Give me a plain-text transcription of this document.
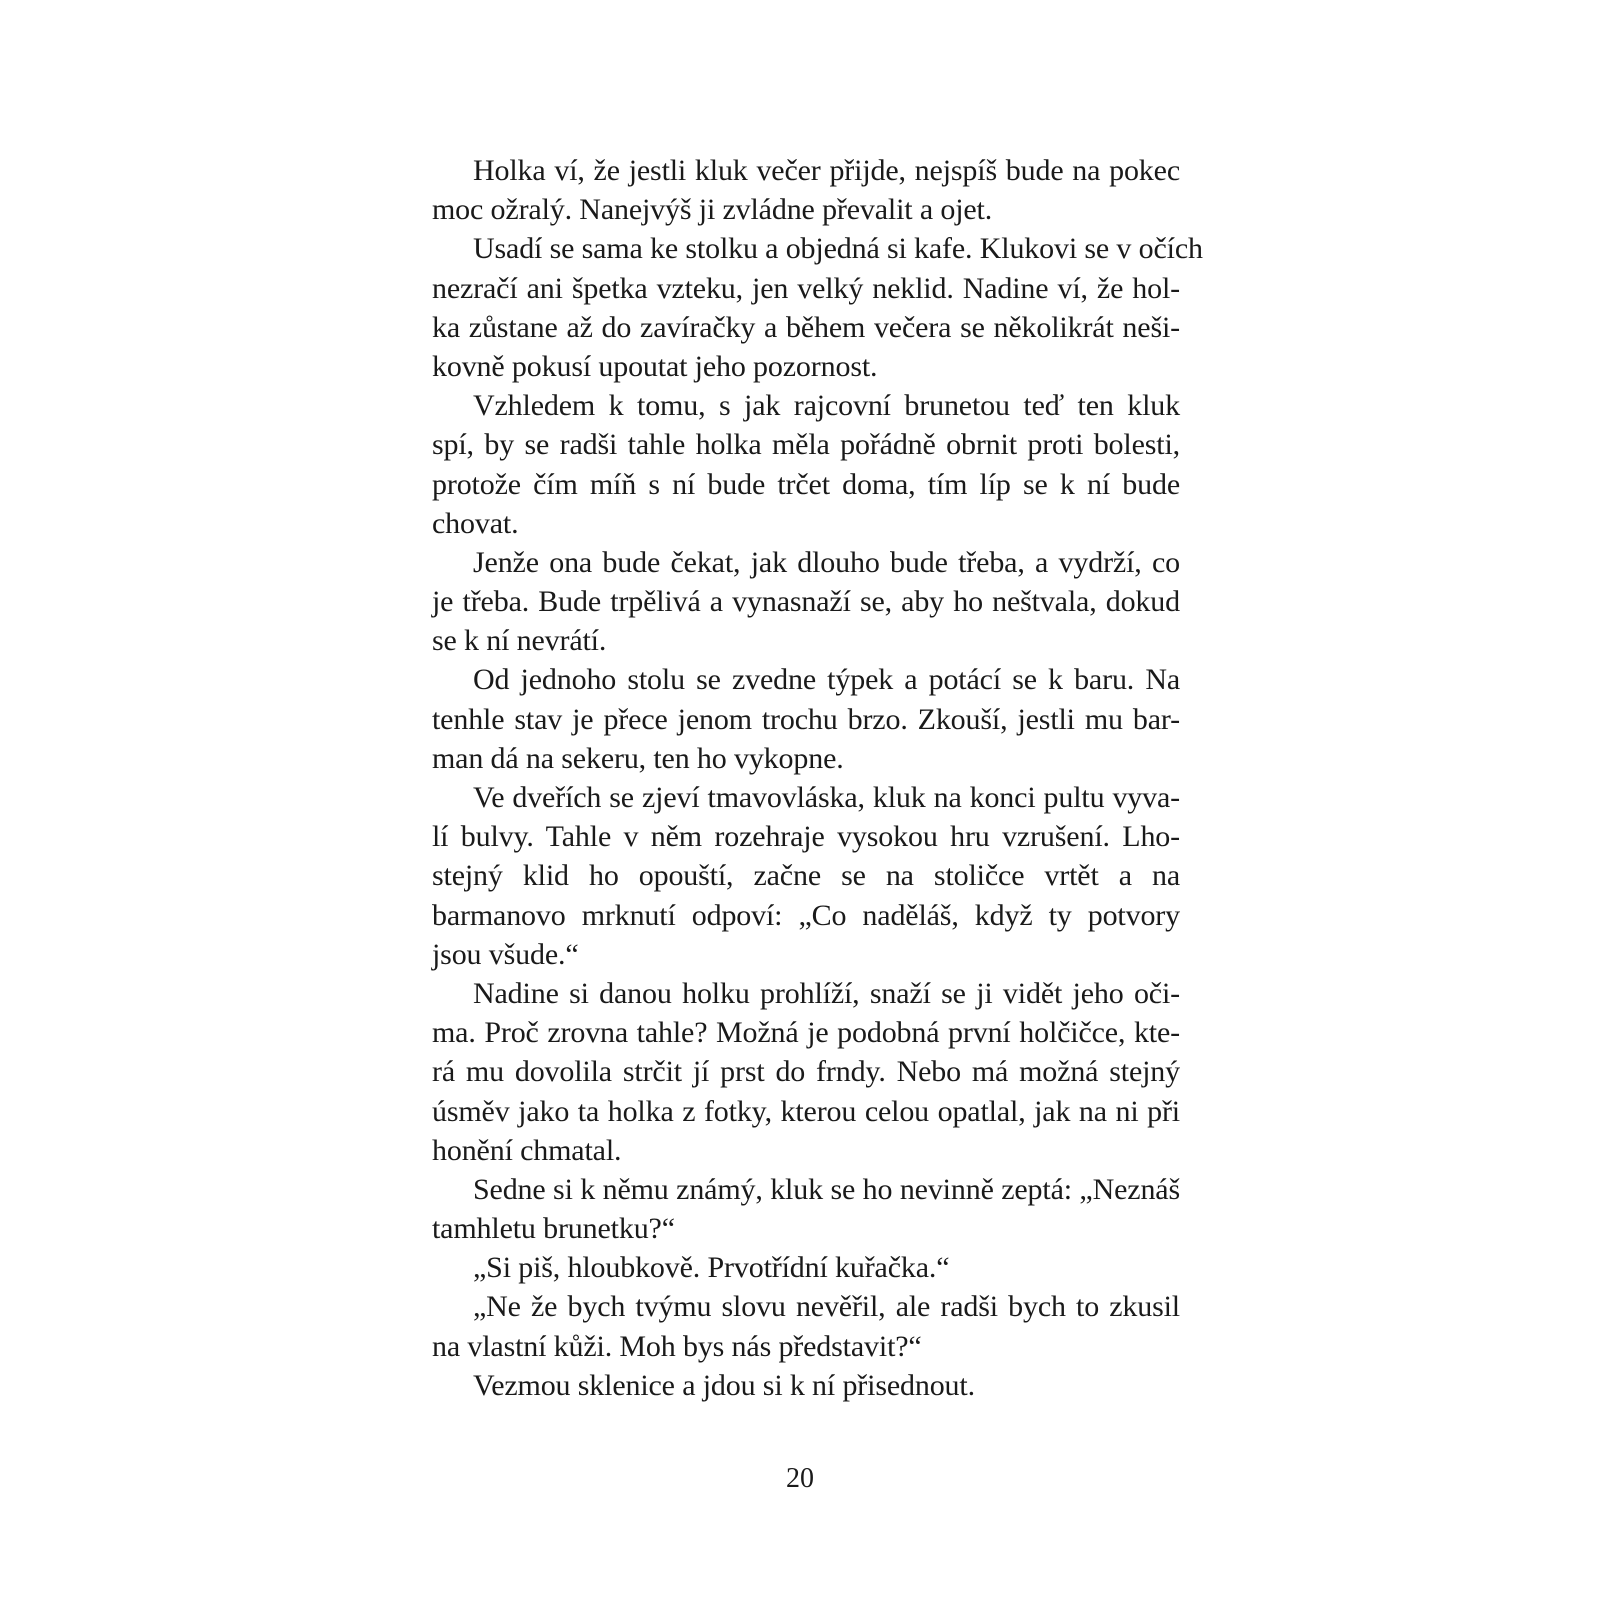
Holka ví, že jestli kluk večer přijde, nejspíš bude na pokec
moc ožralý. Nanejvýš ji zvládne převalit a ojet.
Usadí se sama ke stolku a objedná si kafe. Klukovi se v očích
nezračí ani špetka vzteku, jen velký neklid. Nadine ví, že hol-
ka zůstane až do zavíračky a během večera se několikrát neši-
kovně pokusí upoutat jeho pozornost.
Vzhledem k tomu, s jak rajcovní brunetou teď ten kluk
spí, by se radši tahle holka měla pořádně obrnit proti bolesti,
protože čím míň s ní bude trčet doma, tím líp se k ní bude
chovat.
Jenže ona bude čekat, jak dlouho bude třeba, a vydrží, co
je třeba. Bude trpělivá a vynasnaží se, aby ho neštvala, dokud
se k ní nevrátí.
Od jednoho stolu se zvedne týpek a potácí se k baru. Na
tenhle stav je přece jenom trochu brzo. Zkouší, jestli mu bar-
man dá na sekeru, ten ho vykopne.
Ve dveřích se zjeví tmavovláska, kluk na konci pultu vyva-
lí bulvy. Tahle v něm rozehraje vysokou hru vzrušení. Lho-
stejný klid ho opouští, začne se na stoličce vrtět a na
barmanovo mrknutí odpoví: „Co naděláš, když ty potvory
jsou všude.“
Nadine si danou holku prohlíží, snaží se ji vidět jeho oči-
ma. Proč zrovna tahle? Možná je podobná první holčičce, kte-
rá mu dovolila strčit jí prst do frndy. Nebo má možná stejný
úsměv jako ta holka z fotky, kterou celou opatlal, jak na ni při
honění chmatal.
Sedne si k němu známý, kluk se ho nevinně zeptá: „Neznáš
tamhletu brunetku?“
„Si piš, hloubkově. Prvotřídní kuřačka.“
„Ne že bych tvýmu slovu nevěřil, ale radši bych to zkusil
na vlastní kůži. Moh bys nás představit?“
Vezmou sklenice a jdou si k ní přisednout.
20
